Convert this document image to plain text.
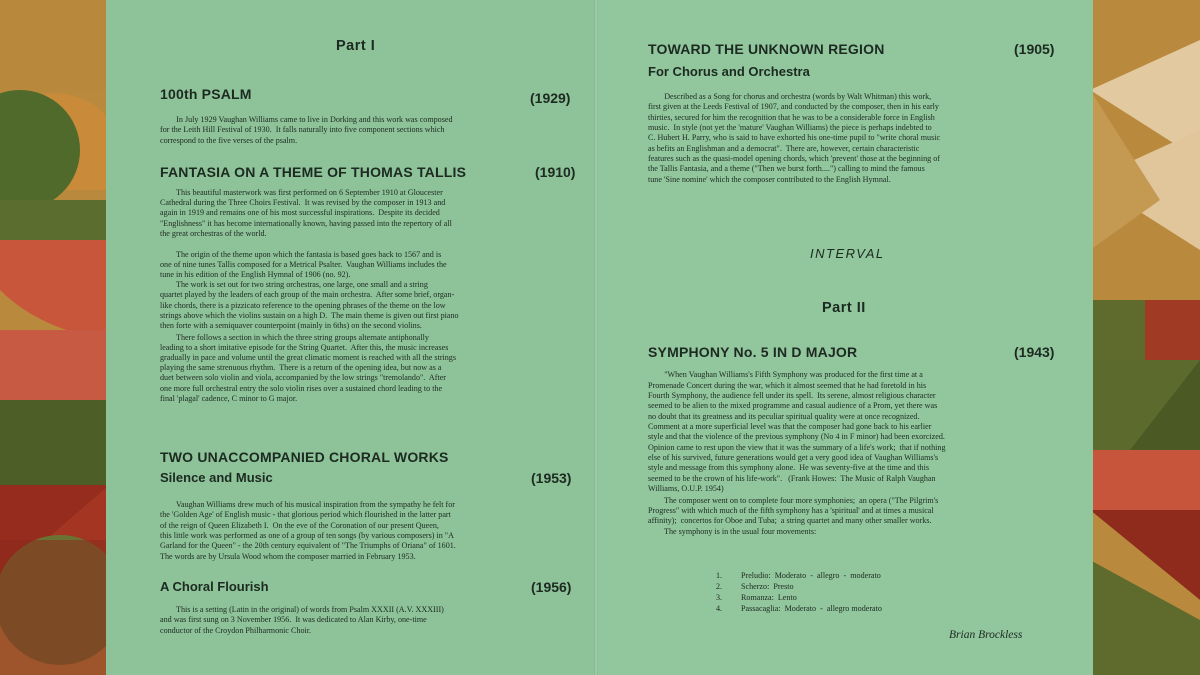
Part I
100th PSALM	(1929)
In July 1929 Vaughan Williams came to live in Dorking and this work was composed
for the Leith Hill Festival of 1930.  It falls naturally into five component sections which
correspond to the five verses of the psalm.
FANTASIA ON A THEME OF THOMAS TALLIS	(1910)
This beautiful masterwork was first performed on 6 September 1910 at Gloucester
Cathedral during the Three Choirs Festival.  It was revised by the composer in 1913 and
again in 1919 and remains one of his most successful inspirations.  Despite its decided
"Englishness" it has become internationally known, having passed into the repertory of all
the great orchestras of the world.
The origin of the theme upon which the fantasia is based goes back to 1567 and is
one of nine tunes Tallis composed for a Metrical Psalter.  Vaughan Williams includes the
tune in his edition of the English Hymnal of 1906 (no. 92).
The work is set out for two string orchestras, one large, one small and a string
quartet played by the leaders of each group of the main orchestra.  After some brief, organ-
like chords, there is a pizzicato reference to the opening phrases of the theme on the low
strings above which the violins sustain on a high D.  The main theme is given out first piano
then forte with a semiquaver counterpoint (mainly in 6ths) on the second violins.
There follows a section in which the three string groups alternate antiphonally
leading to a short imitative episode for the String Quartet.  After this, the music increases
gradually in pace and volume until the great climatic moment is reached with all the strings
playing the same strenuous rhythm.  There is a return of the opening idea, but now as a
duet between solo violin and viola, accompanied by the low strings "tremolando".  After
one more full orchestral entry the solo violin rises over a sustained chord leading to the
final 'plagal' cadence, C minor to G major.
TWO UNACCOMPANIED CHORAL WORKS
Silence and Music	(1953)
Vaughan Williams drew much of his musical inspiration from the sympathy he felt for
the 'Golden Age' of English music - that glorious period which flourished in the latter part
of the reign of Queen Elizabeth I.  On the eve of the Coronation of our present Queen,
this little work was performed as one of a group of ten songs (by various composers) in "A
Garland for the Queen" - the 20th century equivalent of "The Triumphs of Oriana" of 1601.
The words are by Ursula Wood whom the composer married in February 1953.
A Choral Flourish	(1956)
This is a setting (Latin in the original) of words from Psalm XXXII (A.V. XXXIII)
and was first sung on 3 November 1956.  It was dedicated to Alan Kirby, one-time
conductor of the Croydon Philharmonic Choir.
TOWARD THE UNKNOWN REGION	(1905)
For Chorus and Orchestra
Described as a Song for chorus and orchestra (words by Walt Whitman) this work,
first given at the Leeds Festival of 1907, and conducted by the composer, then in his early
thirties, secured for him the recognition that he was to be a considerable force in English
music.  In style (not yet the 'mature' Vaughan Williams) the piece is perhaps indebted to
C. Hubert H. Parry, who is said to have exhorted his one-time pupil to "write choral music
as befits an Englishman and a democrat".  There are, however, certain characteristic
features such as the quasi-model opening chords, which 'prevent' those at the beginning of
the Tallis Fantasia, and a theme ("Then we burst forth....") calling to mind the famous
tune 'Sine nomine' which the composer contributed to the English Hymnal.
INTERVAL
Part II
SYMPHONY No. 5 IN D MAJOR	(1943)
"When Vaughan Williams's Fifth Symphony was produced for the first time at a
Promenade Concert during the war, which it almost seemed that he had foretold in his
Fourth Symphony, the audience fell under its spell.  Its serene, almost religious character
seemed to be alien to the mixed programme and casual audience of a Prom, yet there was
no doubt that its greatness and its peculiar spiritual quality were at once recognized.
Comment at a more superficial level was that the composer had gone back to his earlier
style and that the violence of the previous symphony (No 4 in F minor) had been exorcized.
Opinion came to rest upon the view that it was the summary of a life's work;  that if nothing
else of his survived, future generations would get a very good idea of Vaughan Williams's
style and message from this symphony alone.  He was seventy-five at the time and this
seemed to be the crown of his life-work".   (Frank Howes:  The Music of Ralph Vaughan
Williams, O.U.P. 1954)
The composer went on to complete four more symphonies;  an opera ("The Pilgrim's
Progress" with which much of the fifth symphony has a 'spiritual' and at times a musical
affinity);  concertos for Oboe and Tuba;  a string quartet and many other smaller works.
The symphony is in the usual four movements:
1. Preludio:  Moderato  -  allegro  -  moderato
2. Scherzo:  Presto
3. Romanza:  Lento
4. Passacaglia:  Moderato  -  allegro moderato
Brian Brockless
